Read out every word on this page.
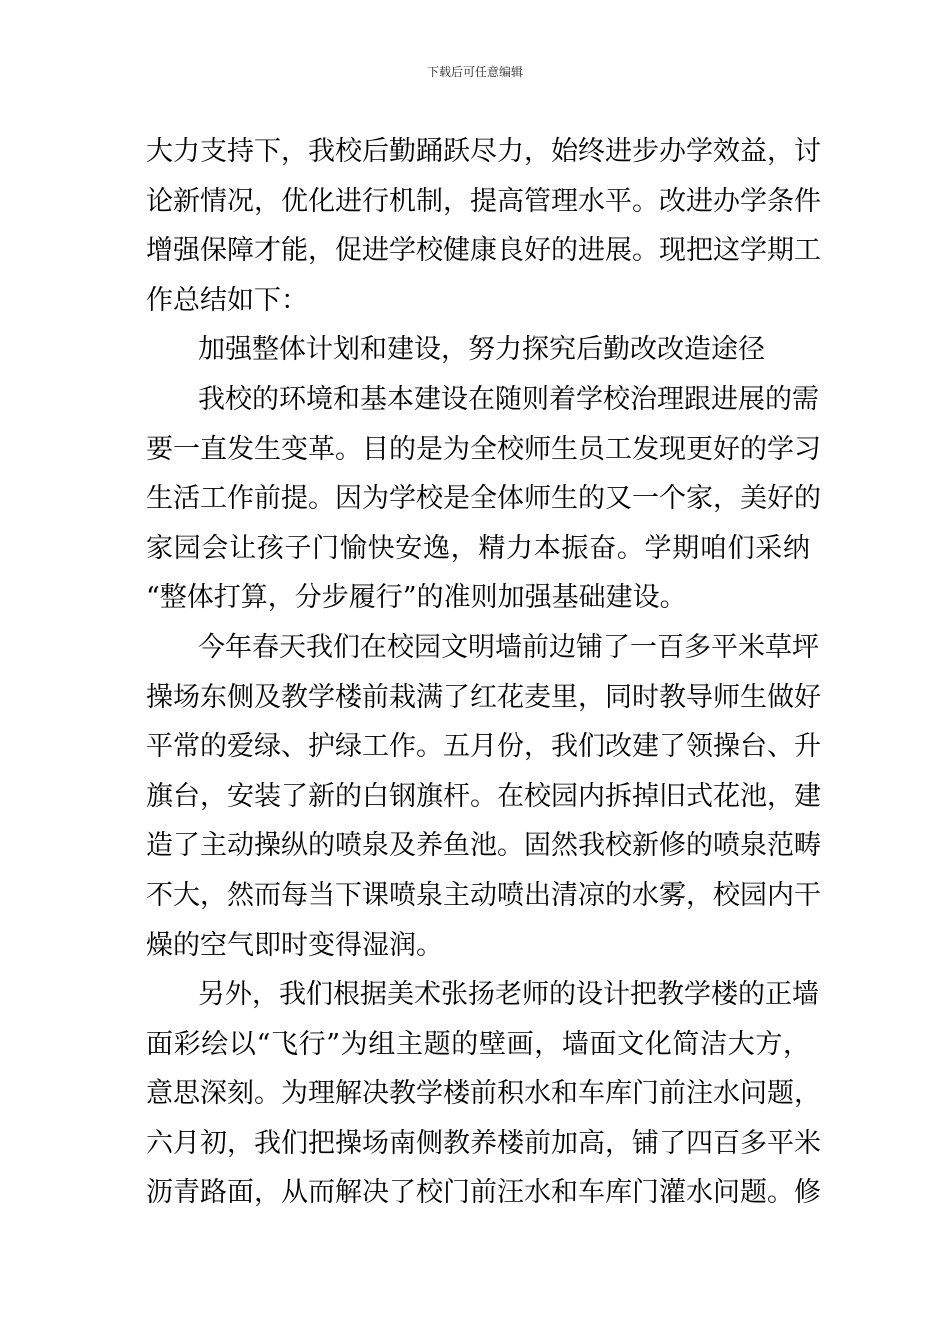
下载后可任意编辑
大力支持下，我校后勤踊跃尽力，始终进步办学效益，讨
论新情况，优化进行机制，提高管理水平。改进办学条件
增强保障才能，促进学校健康良好的进展。现把这学期工
作总结如下：
加强整体计划和建设，努力探究后勤改改造途径
我校的环境和基本建设在随则着学校治理跟进展的需
要一直发生变革。目的是为全校师生员工发现更好的学习
生活工作前提。因为学校是全体师生的又一个家，美好的
家园会让孩子门愉快安逸，精力本振奋。学期咱们采纳
“整体打算，分步履行”的准则加强基础建设。
今年春天我们在校园文明墙前边铺了一百多平米草坪
操场东侧及教学楼前栽满了红花麦里，同时教导师生做好
平常的爱绿、护绿工作。五月份，我们改建了领操台、升
旗台，安装了新的白钢旗杆。在校园内拆掉旧式花池，建
造了主动操纵的喷泉及养鱼池。固然我校新修的喷泉范畴
不大，然而每当下课喷泉主动喷出清凉的水雾，校园内干
燥的空气即时变得湿润。
另外，我们根据美术张扬老师的设计把教学楼的正墙
面彩绘以“飞行”为组主题的壁画，墙面文化简洁大方，
意思深刻。为理解决教学楼前积水和车库门前注水问题，
六月初，我们把操场南侧教养楼前加高，铺了四百多平米
沥青路面，从而解决了校门前汪水和车库门灌水问题。修
